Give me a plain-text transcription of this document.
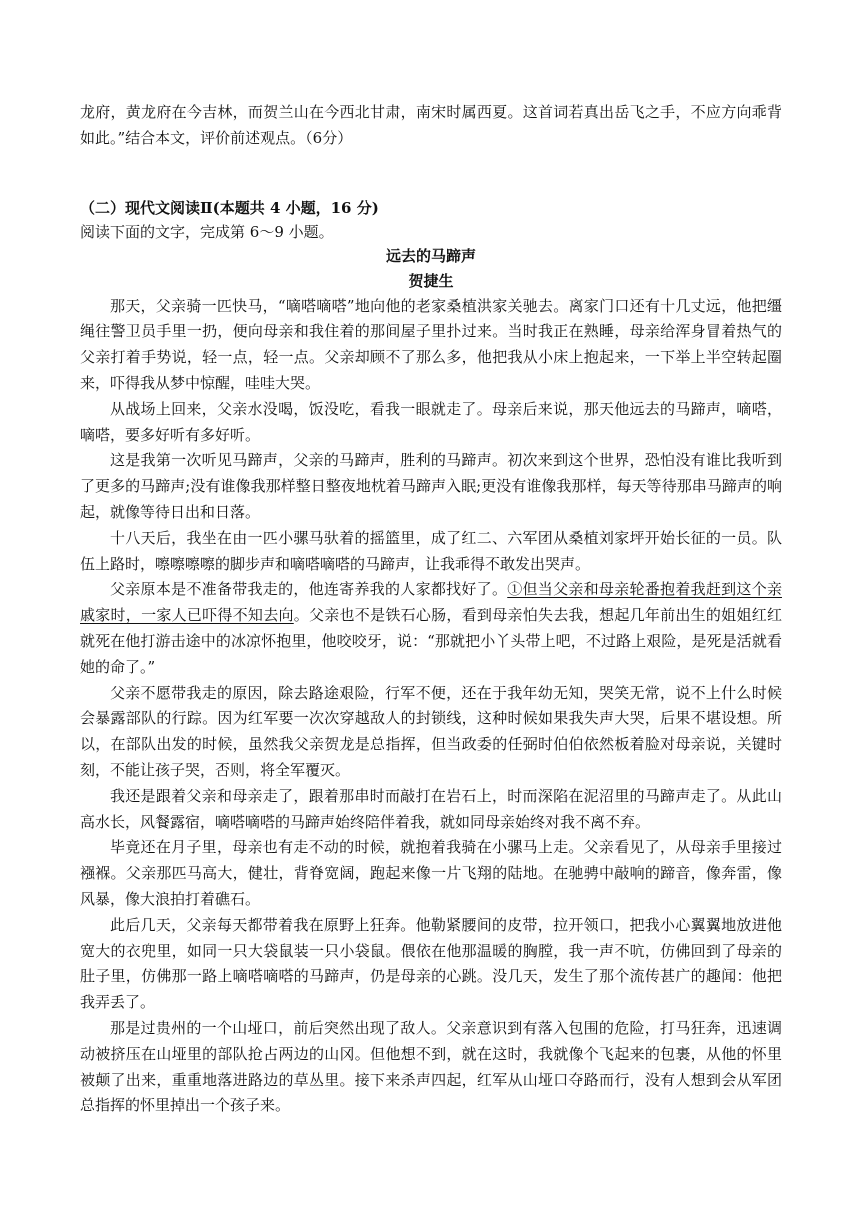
龙府，黄龙府在今吉林，而贺兰山在今西北甘肃，南宋时属西夏。这首词若真出岳飞之手，不应方向乖背如此。”结合本文，评价前述观点。（6分）

（二）现代文阅读Ⅱ(本题共 4 小题，16 分)

阅读下面的文字，完成第 6～9 小题。

远去的马蹄声

贺捷生

那天，父亲骑一匹快马，“嘀嗒嘀嗒”地向他的老家桑植洪家关驰去。离家门口还有十几丈远，他把缰绳往警卫员手里一扔，便向母亲和我住着的那间屋子里扑过来。当时我正在熟睡，母亲给浑身冒着热气的父亲打着手势说，轻一点，轻一点。父亲却顾不了那么多，他把我从小床上抱起来，一下举上半空转起圈来，吓得我从梦中惊醒，哇哇大哭。

从战场上回来，父亲水没喝，饭没吃，看我一眼就走了。母亲后来说，那天他远去的马蹄声，嘀嗒，嘀嗒，要多好听有多好听。

这是我第一次听见马蹄声，父亲的马蹄声，胜利的马蹄声。初次来到这个世界，恐怕没有谁比我听到了更多的马蹄声;没有谁像我那样整日整夜地枕着马蹄声入眠;更没有谁像我那样，每天等待那串马蹄声的响起，就像等待日出和日落。

十八天后，我坐在由一匹小骡马驮着的摇篮里，成了红二、六军团从桑植刘家坪开始长征的一员。队伍上路时，嚓嚓嚓嚓的脚步声和嘀嗒嘀嗒的马蹄声，让我乖得不敢发出哭声。

父亲原本是不准备带我走的，他连寄养我的人家都找好了。①但当父亲和母亲轮番抱着我赶到这个亲戚家时，一家人已吓得不知去向。父亲也不是铁石心肠，看到母亲怕失去我，想起几年前出生的姐姐红红就死在他打游击途中的冰凉怀抱里，他咬咬牙，说：“那就把小丫头带上吧，不过路上艰险，是死是活就看她的命了。”

父亲不愿带我走的原因，除去路途艰险，行军不便，还在于我年幼无知，哭笑无常，说不上什么时候会暴露部队的行踪。因为红军要一次次穿越敌人的封锁线，这种时候如果我失声大哭，后果不堪设想。所以，在部队出发的时候，虽然我父亲贺龙是总指挥，但当政委的任弼时伯伯依然板着脸对母亲说，关键时刻，不能让孩子哭，否则，将全军覆灭。

我还是跟着父亲和母亲走了，跟着那串时而敲打在岩石上，时而深陷在泥沼里的马蹄声走了。从此山高水长，风餐露宿，嘀嗒嘀嗒的马蹄声始终陪伴着我，就如同母亲始终对我不离不弃。

毕竟还在月子里，母亲也有走不动的时候，就抱着我骑在小骡马上走。父亲看见了，从母亲手里接过襁褓。父亲那匹马高大，健壮，背脊宽阔，跑起来像一片飞翔的陆地。在驰骋中敲响的蹄音，像奔雷，像风暴，像大浪拍打着礁石。

此后几天，父亲每天都带着我在原野上狂奔。他勒紧腰间的皮带，拉开领口，把我小心翼翼地放进他宽大的衣兜里，如同一只大袋鼠装一只小袋鼠。偎依在他那温暖的胸膛，我一声不吭，仿佛回到了母亲的肚子里，仿佛那一路上嘀嗒嘀嗒的马蹄声，仍是母亲的心跳。没几天，发生了那个流传甚广的趣闻：他把我弄丢了。

那是过贵州的一个山垭口，前后突然出现了敌人。父亲意识到有落入包围的危险，打马狂奔，迅速调动被挤压在山垭里的部队抢占两边的山冈。但他想不到，就在这时，我就像个飞起来的包裹，从他的怀里被颠了出来，重重地落进路边的草丛里。接下来杀声四起，红军从山垭口夺路而行，没有人想到会从军团总指挥的怀里掉出一个孩子来。
